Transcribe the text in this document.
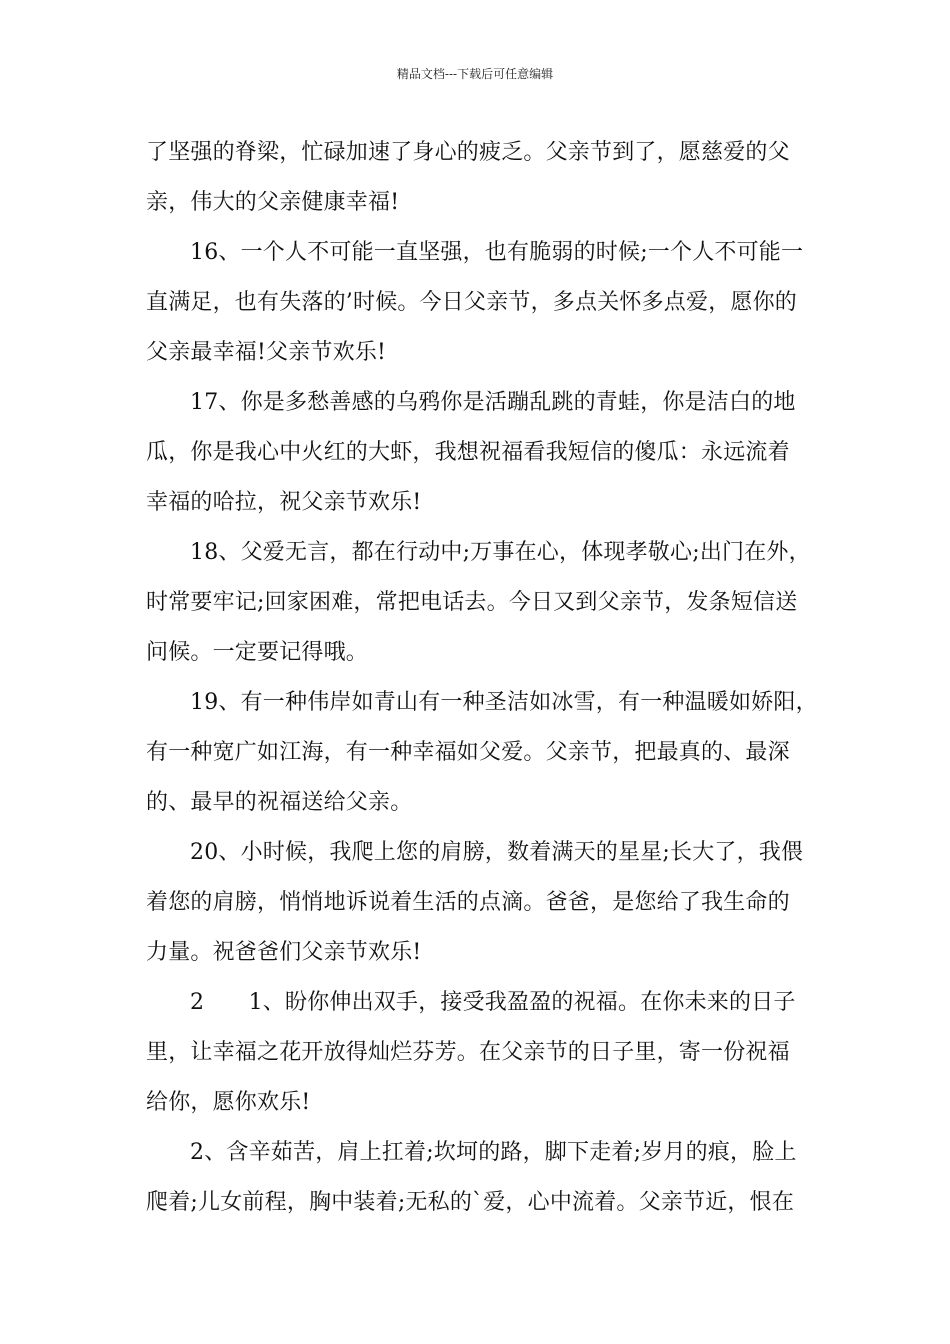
精品文档---下载后可任意编辑
了坚强的脊梁，忙碌加速了身心的疲乏。父亲节到了，愿慈爱的父
亲，伟大的父亲健康幸福!
16、一个人不可能一直坚强，也有脆弱的时候;一个人不可能一
直满足，也有失落的’时候。今日父亲节，多点关怀多点爱，愿你的
父亲最幸福!父亲节欢乐!
17、你是多愁善感的乌鸦你是活蹦乱跳的青蛙，你是洁白的地
瓜，你是我心中火红的大虾，我想祝福看我短信的傻瓜：永远流着
幸福的哈拉，祝父亲节欢乐!
18、父爱无言，都在行动中;万事在心，体现孝敬心;出门在外，
时常要牢记;回家困难，常把电话去。今日又到父亲节，发条短信送
问候。一定要记得哦。
19、有一种伟岸如青山有一种圣洁如冰雪，有一种温暖如娇阳，
有一种宽广如江海，有一种幸福如父爱。父亲节，把最真的、最深
的、最早的祝福送给父亲。
20、小时候，我爬上您的肩膀，数着满天的星星;长大了，我偎
着您的肩膀，悄悄地诉说着生活的点滴。爸爸，是您给了我生命的
力量。祝爸爸们父亲节欢乐!
2　　1、盼你伸出双手，接受我盈盈的祝福。在你未来的日子
里，让幸福之花开放得灿烂芬芳。在父亲节的日子里，寄一份祝福
给你，愿你欢乐!
2、含辛茹苦，肩上扛着;坎坷的路，脚下走着;岁月的痕，脸上
爬着;儿女前程，胸中装着;无私的`爱，心中流着。父亲节近，恨在
